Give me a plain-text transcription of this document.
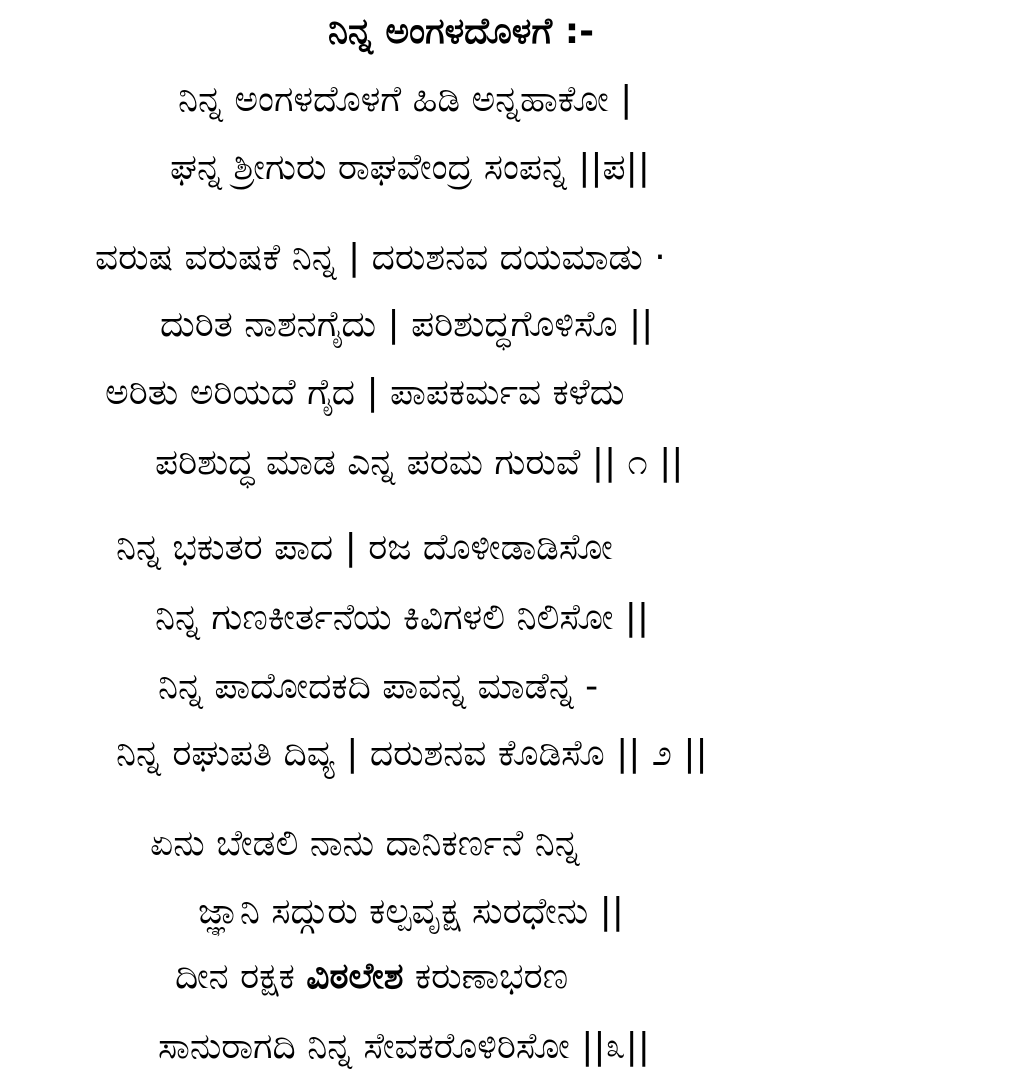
ನಿನ್ನ ಅಂಗಳದೊಳಗೆ :-
ನಿನ್ನ ಅಂಗಳದೊಳಗೆ ಹಿಡಿ ಅನ್ನಹಾಕೋ |
ಘನ್ನ ಶ್ರೀಗುರು ರಾಘವೇಂದ್ರ ಸಂಪನ್ನ ||ಪ||
ವರುಷ ವರುಷಕೆ ನಿನ್ನ | ದರುಶನವ ದಯಮಾಡು ·
ದುರಿತ ನಾಶನಗೈದು | ಪರಿಶುದ್ಧಗೊಳಿಸೊ ||
ಅರಿತು ಅರಿಯದೆ ಗೈದ | ಪಾಪಕರ್ಮವ ಕಳೆದು
ಪರಿಶುದ್ಧ ಮಾಡ ಎನ್ನ ಪರಮ ಗುರುವೆ || ೧ ||
ನಿನ್ನ ಭಕುತರ ಪಾದ | ರಜ ದೊಳೀಡಾಡಿಸೋ
ನಿನ್ನ ಗುಣಕೀರ್ತನೆಯ ಕಿವಿಗಳಲಿ ನಿಲಿಸೋ ||
ನಿನ್ನ ಪಾದೋದಕದಿ ಪಾವನ್ನ ಮಾಡೆನ್ನ -
ನಿನ್ನ ರಘುಪತಿ ದಿವ್ಯ | ದರುಶನವ ಕೊಡಿಸೊ || ೨ ||
ಏನು ಬೇಡಲಿ ನಾನು ದಾನಿಕರ್ಣನೆ ನಿನ್ನ
ಜ್ಞಾನಿ ಸದ್ಗುರು ಕಲ್ಪವೃಕ್ಷ ಸುರಧೇನು ||
ದೀನ ರಕ್ಷಕ ವಿಠಲೇಶ ಕರುಣಾಭರಣ
ಸಾನುರಾಗದಿ ನಿನ್ನ ಸೇವಕರೊಳಿರಿಸೋ ||೩||
